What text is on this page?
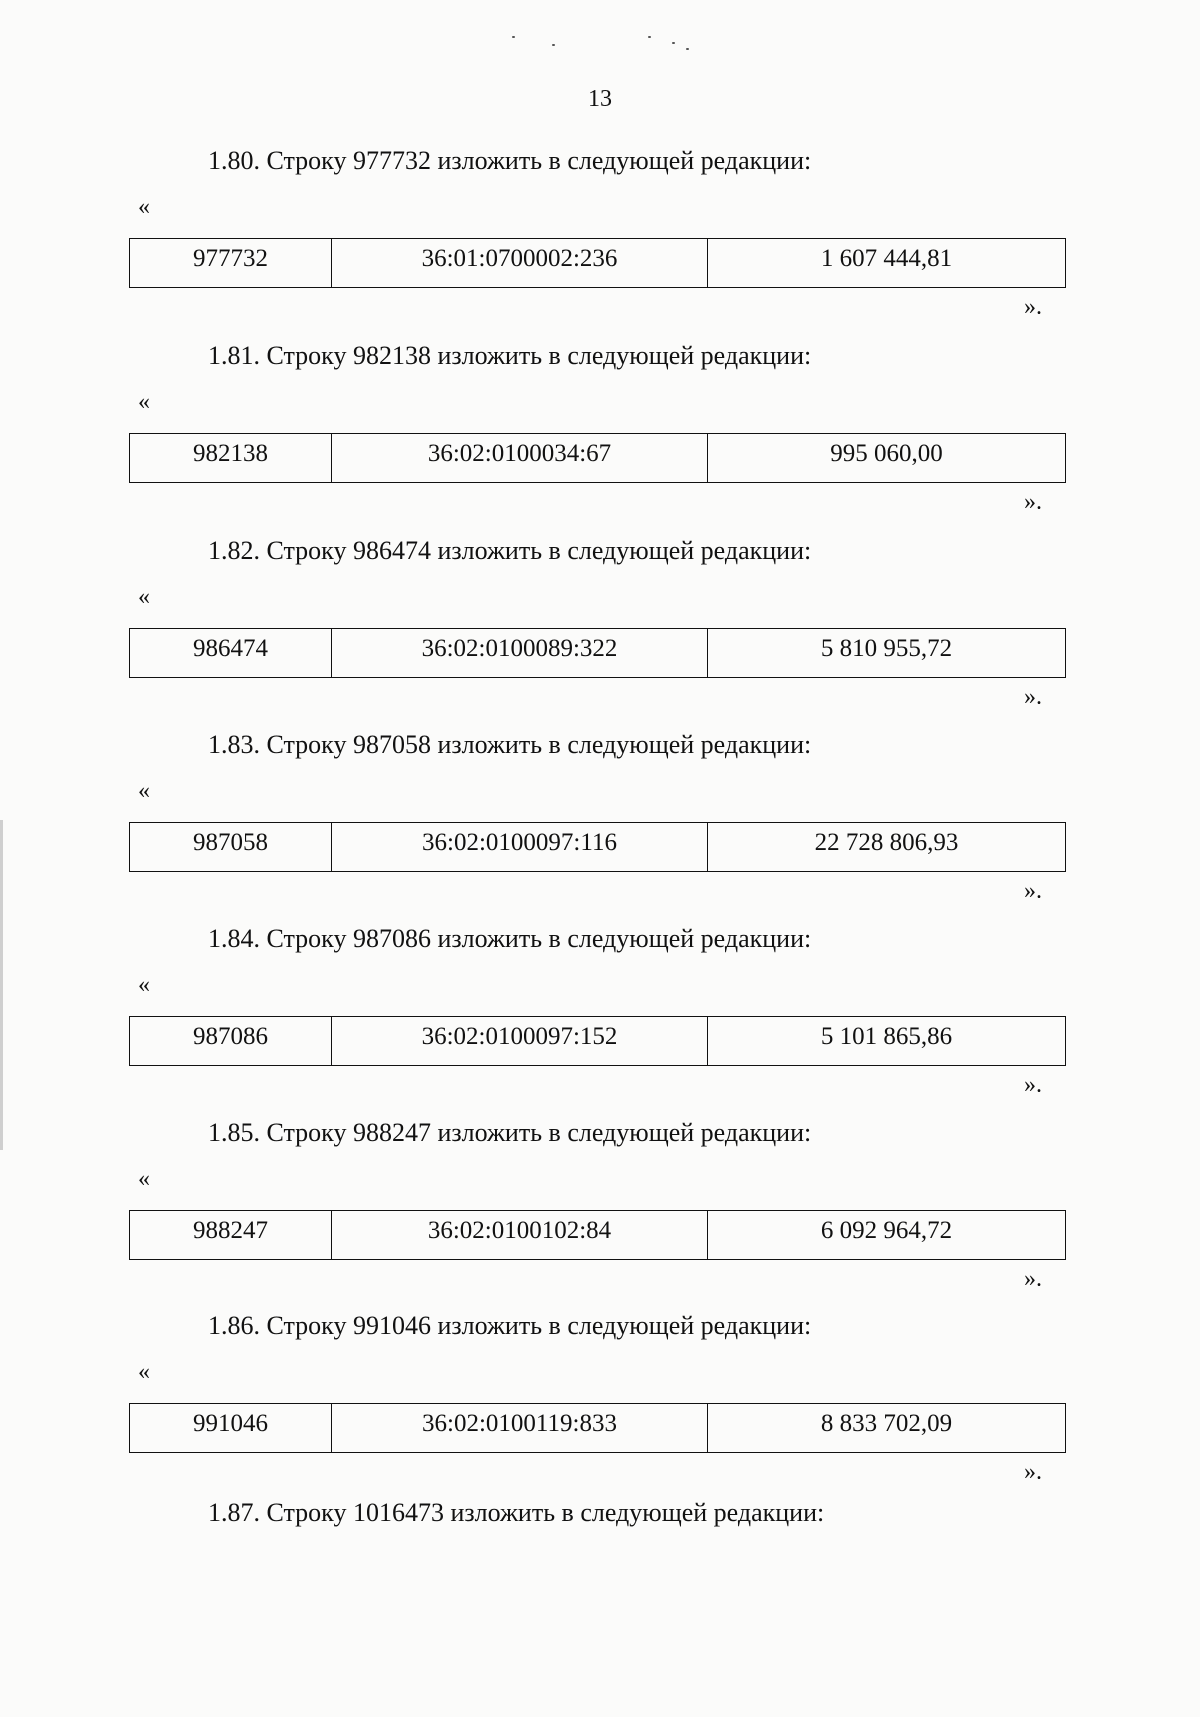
13
1.80. Строку 977732 изложить в следующей редакции:
«
977732	36:01:0700002:236	1 607 444,81
».
1.81. Строку 982138 изложить в следующей редакции:
«
982138	36:02:0100034:67	995 060,00
».
1.82. Строку 986474 изложить в следующей редакции:
«
986474	36:02:0100089:322	5 810 955,72
».
1.83. Строку 987058 изложить в следующей редакции:
«
987058	36:02:0100097:116	22 728 806,93
».
1.84. Строку 987086 изложить в следующей редакции:
«
987086	36:02:0100097:152	5 101 865,86
».
1.85. Строку 988247 изложить в следующей редакции:
«
988247	36:02:0100102:84	6 092 964,72
».
1.86. Строку 991046 изложить в следующей редакции:
«
991046	36:02:0100119:833	8 833 702,09
».
1.87. Строку 1016473 изложить в следующей редакции:
